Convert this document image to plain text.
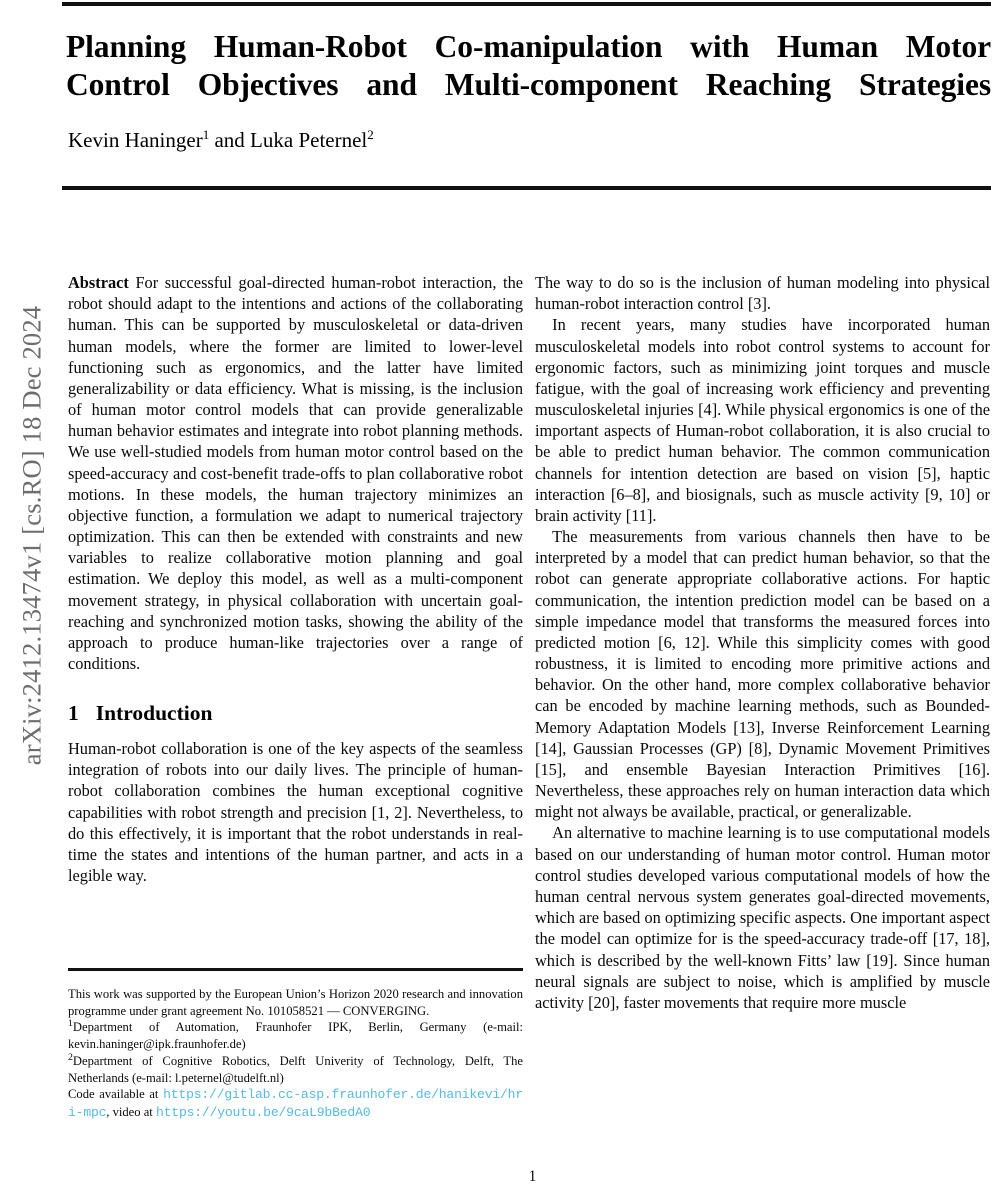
arXiv:2412.13474v1 [cs.RO] 18 Dec 2024
Planning Human-Robot Co-manipulation with Human Motor Control Objectives and Multi-component Reaching Strategies
Kevin Haninger$^1$ and Luka Peternel$^2$

Abstract For successful goal-directed human-robot interaction, the robot should adapt to the intentions and actions of the collaborating human. This can be supported by musculoskeletal or data-driven human models, where the former are limited to lower-level functioning such as ergonomics, and the latter have limited generalizability or data efficiency. What is missing, is the inclusion of human motor control models that can provide generalizable human behavior estimates and integrate into robot planning methods. We use well-studied models from human motor control based on the speed-accuracy and cost-benefit trade-offs to plan collaborative robot motions. In these models, the human trajectory minimizes an objective function, a formulation we adapt to numerical trajectory optimization. This can then be extended with constraints and new variables to realize collaborative motion planning and goal estimation. We deploy this model, as well as a multi-component movement strategy, in physical collaboration with uncertain goal-reaching and synchronized motion tasks, showing the ability of the approach to produce human-like trajectories over a range of conditions.

1 Introduction

Human-robot collaboration is one of the key aspects of the seamless integration of robots into our daily lives. The principle of human-robot collaboration combines the human exceptional cognitive capabilities with robot strength and precision [1, 2]. Nevertheless, to do this effectively, it is important that the robot understands in real-time the states and intentions of the human partner, and acts in a legible way.

The way to do so is the inclusion of human modeling into physical human-robot interaction control [3].

In recent years, many studies have incorporated human musculoskeletal models into robot control systems to account for ergonomic factors, such as minimizing joint torques and muscle fatigue, with the goal of increasing work efficiency and preventing musculoskeletal injuries [4]. While physical ergonomics is one of the important aspects of Human-robot collaboration, it is also crucial to be able to predict human behavior. The common communication channels for intention detection are based on vision [5], haptic interaction [6–8], and biosignals, such as muscle activity [9, 10] or brain activity [11].

The measurements from various channels then have to be interpreted by a model that can predict human behavior, so that the robot can generate appropriate collaborative actions. For haptic communication, the intention prediction model can be based on a simple impedance model that transforms the measured forces into predicted motion [6, 12]. While this simplicity comes with good robustness, it is limited to encoding more primitive actions and behavior. On the other hand, more complex collaborative behavior can be encoded by machine learning methods, such as Bounded-Memory Adaptation Models [13], Inverse Reinforcement Learning [14], Gaussian Processes (GP) [8], Dynamic Movement Primitives [15], and ensemble Bayesian Interaction Primitives [16]. Nevertheless, these approaches rely on human interaction data which might not always be available, practical, or generalizable.

An alternative to machine learning is to use computational models based on our understanding of human motor control. Human motor control studies developed various computational models of how the human central nervous system generates goal-directed movements, which are based on optimizing specific aspects. One important aspect the model can optimize for is the speed-accuracy trade-off [17, 18], which is described by the well-known Fitts’ law [19]. Since human neural signals are subject to noise, which is amplified by muscle activity [20], faster movements that require more muscle

This work was supported by the European Union’s Horizon 2020 research and innovation programme under grant agreement No. 101058521 — CONVERGING.

$^1$Department of Automation, Fraunhofer IPK, Berlin, Germany (e-mail: kevin.haninger@ipk.fraunhofer.de)

$^2$Department of Cognitive Robotics, Delft Univerity of Technology, Delft, The Netherlands (e-mail: l.peternel@tudelft.nl)

Code available at https://gitlab.cc-asp.fraunhofer.de/hanikevi/hri-mpc, video at https://youtu.be/9caL9bBedA0

1
